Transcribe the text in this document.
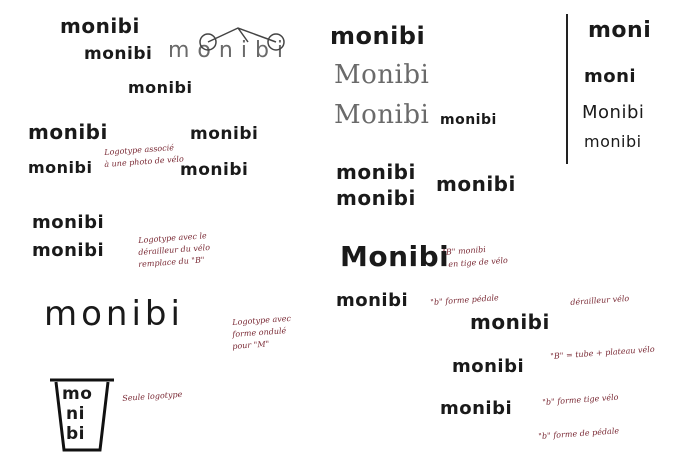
monibi
monibi monibi
monibi
monibi	monibi
monibi	monibi
Logotype associé
à une photo de vélo
monibi
monibi
Logotype avec le
dérailleur du vélo
remplace du "B"
monibi	Logotype avec
forme ondulé
pour "M"
mo
ni
bi
Seule logotype
monibi
Monibi
Monibi monibi
monibi
monibi
monibi
Monibi
"B" monibi
en tige de vélo
monibi	"b" forme pédale
monibi
dérailleur vélo
monibi
"B" = tube + plateau vélo
monibi	"b" forme tige vélo
"b" forme de pédale
moni
moni
Monibi
monibi
